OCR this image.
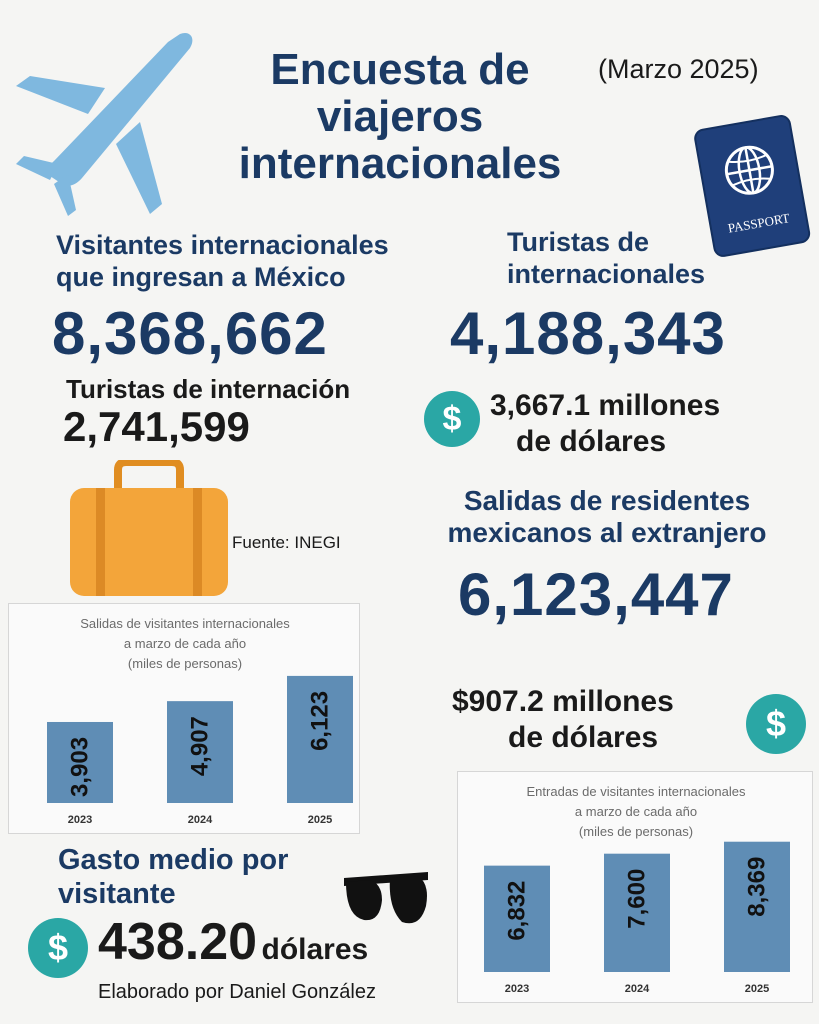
Encuesta de
viajeros
internacionales
(Marzo 2025)
PASSPORT
Visitantes internacionales
que ingresan a México
8,368,662
Turistas de
internacionales
4,188,343
Turistas de internación
2,741,599	$ 3,667.1 millones
de dólares
Fuente: INEGI
Salidas de residentes
mexicanos al extranjero
6,123,447
Salidas de visitantes internacionales
a marzo de cada año
(miles de personas)
3,903
2023
4,907
2024
6,123
2025
$907.2 millones
de dólares	$
Entradas de visitantes internacionales
a marzo de cada año
(miles de personas)
6,832
2023
7,600
2024
8,369
2025
Gasto medio por
visitante
$ 438.20 dólares
Elaborado por Daniel González
